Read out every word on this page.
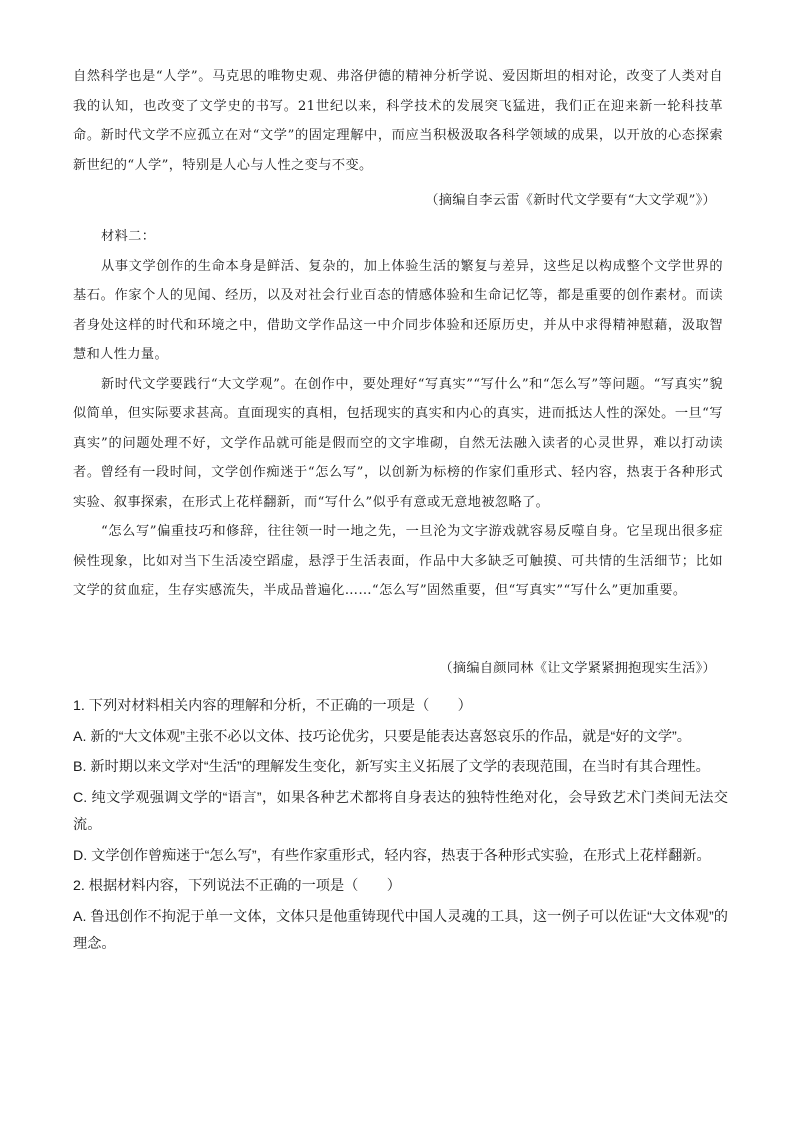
自然科学也是“人学”。马克思的唯物史观、弗洛伊德的精神分析学说、爱因斯坦的相对论，改变了人类对自我的认知，也改变了文学史的书写。21世纪以来，科学技术的发展突飞猛进，我们正在迎来新一轮科技革命。新时代文学不应孤立在对“文学”的固定理解中，而应当积极汲取各科学领域的成果，以开放的心态探索新世纪的“人学”，特别是人心与人性之变与不变。

（摘编自李云雷《新时代文学要有“大文学观”》）

材料二：

从事文学创作的生命本身是鲜活、复杂的，加上体验生活的繁复与差异，这些足以构成整个文学世界的基石。作家个人的见闻、经历，以及对社会行业百态的情感体验和生命记忆等，都是重要的创作素材。而读者身处这样的时代和环境之中，借助文学作品这一中介同步体验和还原历史，并从中求得精神慰藉，汲取智慧和人性力量。

新时代文学要践行“大文学观”。在创作中，要处理好“写真实”“写什么”和“怎么写”等问题。“写真实”貌似简单，但实际要求甚高。直面现实的真相，包括现实的真实和内心的真实，进而抵达人性的深处。一旦“写真实”的问题处理不好，文学作品就可能是假而空的文字堆砌，自然无法融入读者的心灵世界，难以打动读者。曾经有一段时间，文学创作痴迷于“怎么写”，以创新为标榜的作家们重形式、轻内容，热衷于各种形式实验、叙事探索，在形式上花样翻新，而“写什么”似乎有意或无意地被忽略了。

“怎么写”偏重技巧和修辞，往往领一时一地之先，一旦沦为文字游戏就容易反噬自身。它呈现出很多症候性现象，比如对当下生活凌空蹈虚，悬浮于生活表面，作品中大多缺乏可触摸、可共情的生活细节；比如文学的贫血症，生存实感流失，半成品普遍化……“怎么写”固然重要，但“写真实”“写什么”更加重要。

（摘编自颜同林《让文学紧紧拥抱现实生活》）

1. 下列对材料相关内容的理解和分析，不正确的一项是（　　）

A. 新的“大文体观”主张不必以文体、技巧论优劣，只要是能表达喜怒哀乐的作品，就是“好的文学”。

B. 新时期以来文学对“生活”的理解发生变化，新写实主义拓展了文学的表现范围，在当时有其合理性。

C. 纯文学观强调文学的“语言”，如果各种艺术都将自身表达的独特性绝对化，会导致艺术门类间无法交流。

D. 文学创作曾痴迷于“怎么写”，有些作家重形式，轻内容，热衷于各种形式实验，在形式上花样翻新。

2. 根据材料内容，下列说法不正确的一项是（　　）

A. 鲁迅创作不拘泥于单一文体，文体只是他重铸现代中国人灵魂的工具，这一例子可以佐证“大文体观”的理念。
